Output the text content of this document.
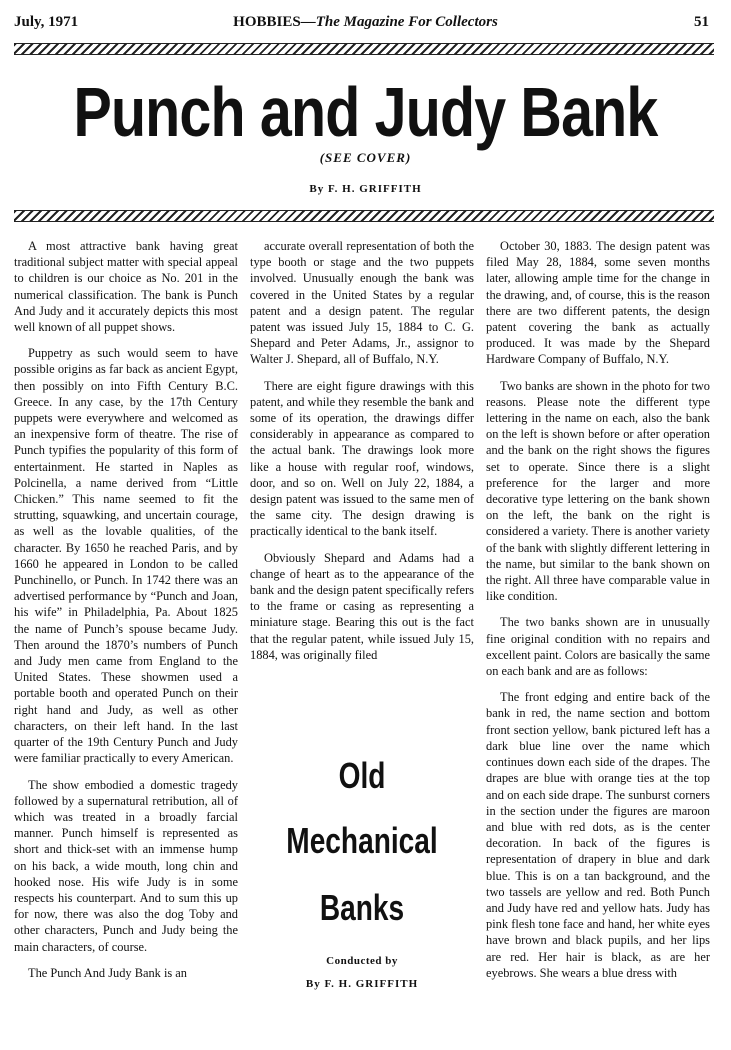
July, 1971	HOBBIES—The Magazine For Collectors	51
Punch and Judy Bank
(SEE COVER)
By F. H. GRIFFITH

A most attractive bank having great traditional subject matter with special appeal to children is our choice as No. 201 in the numerical classification. The bank is Punch And Judy and it accurately depicts this most well known of all puppet shows.

Puppetry as such would seem to have possible origins as far back as ancient Egypt, then possibly on into Fifth Century B.C. Greece. In any case, by the 17th Century puppets were everywhere and welcomed as an inexpensive form of theatre. The rise of Punch typifies the popularity of this form of entertainment. He started in Naples as Polcinella, a name derived from “Little Chicken.” This name seemed to fit the strutting, squawking, and uncertain courage, as well as the lovable qualities, of the character. By 1650 he reached Paris, and by 1660 he appeared in London to be called Punchinello, or Punch. In 1742 there was an advertised performance by “Punch and Joan, his wife” in Philadelphia, Pa. About 1825 the name of Punch’s spouse became Judy. Then around the 1870’s numbers of Punch and Judy men came from England to the United States. These showmen used a portable booth and operated Punch on their right hand and Judy, as well as other characters, on their left hand. In the last quarter of the 19th Century Punch and Judy were familiar practically to every American.

The show embodied a domestic tragedy followed by a supernatural retribution, all of which was treated in a broadly farcial manner. Punch himself is represented as short and thick-set with an immense hump on his back, a wide mouth, long chin and hooked nose. His wife Judy is in some respects his counterpart. And to sum this up for now, there was also the dog Toby and other characters, Punch and Judy being the main characters, of course.

The Punch And Judy Bank is an

accurate overall representation of both the type booth or stage and the two puppets involved. Unusually enough the bank was covered in the United States by a regular patent and a design patent. The regular patent was issued July 15, 1884 to C. G. Shepard and Peter Adams, Jr., assignor to Walter J. Shepard, all of Buffalo, N.Y.

There are eight figure drawings with this patent, and while they resemble the bank and some of its operation, the drawings differ considerably in appearance as compared to the actual bank. The drawings look more like a house with regular roof, windows, door, and so on. Well on July 22, 1884, a design patent was issued to the same men of the same city. The design drawing is practically identical to the bank itself.

Obviously Shepard and Adams had a change of heart as to the appearance of the bank and the design patent specifically refers to the frame or casing as representing a miniature stage. Bearing this out is the fact that the regular patent, while issued July 15, 1884, was originally filed

Old
Mechanical
Banks
Conducted by
By F. H. GRIFFITH

October 30, 1883. The design patent was filed May 28, 1884, some seven months later, allowing ample time for the change in the drawing, and, of course, this is the reason there are two different patents, the design patent covering the bank as actually produced. It was made by the Shepard Hardware Company of Buffalo, N.Y.

Two banks are shown in the photo for two reasons. Please note the different type lettering in the name on each, also the bank on the left is shown before or after operation and the bank on the right shows the figures set to operate. Since there is a slight preference for the larger and more decorative type lettering on the bank shown on the left, the bank on the right is considered a variety. There is another variety of the bank with slightly different lettering in the name, but similar to the bank shown on the right. All three have comparable value in like condition.

The two banks shown are in unusually fine original condition with no repairs and excellent paint. Colors are basically the same on each bank and are as follows:

The front edging and entire back of the bank in red, the name section and bottom front section yellow, bank pictured left has a dark blue line over the name which continues down each side of the drapes. The drapes are blue with orange ties at the top and on each side drape. The sunburst corners in the section under the figures are maroon and blue with red dots, as is the center decoration. In back of the figures is representation of drapery in blue and dark blue. This is on a tan background, and the two tassels are yellow and red. Both Punch and Judy have red and yellow hats. Judy has pink flesh tone face and hand, her white eyes have brown and black pupils, and her lips are red. Her hair is black, as are her eyebrows. She wears a blue dress with
